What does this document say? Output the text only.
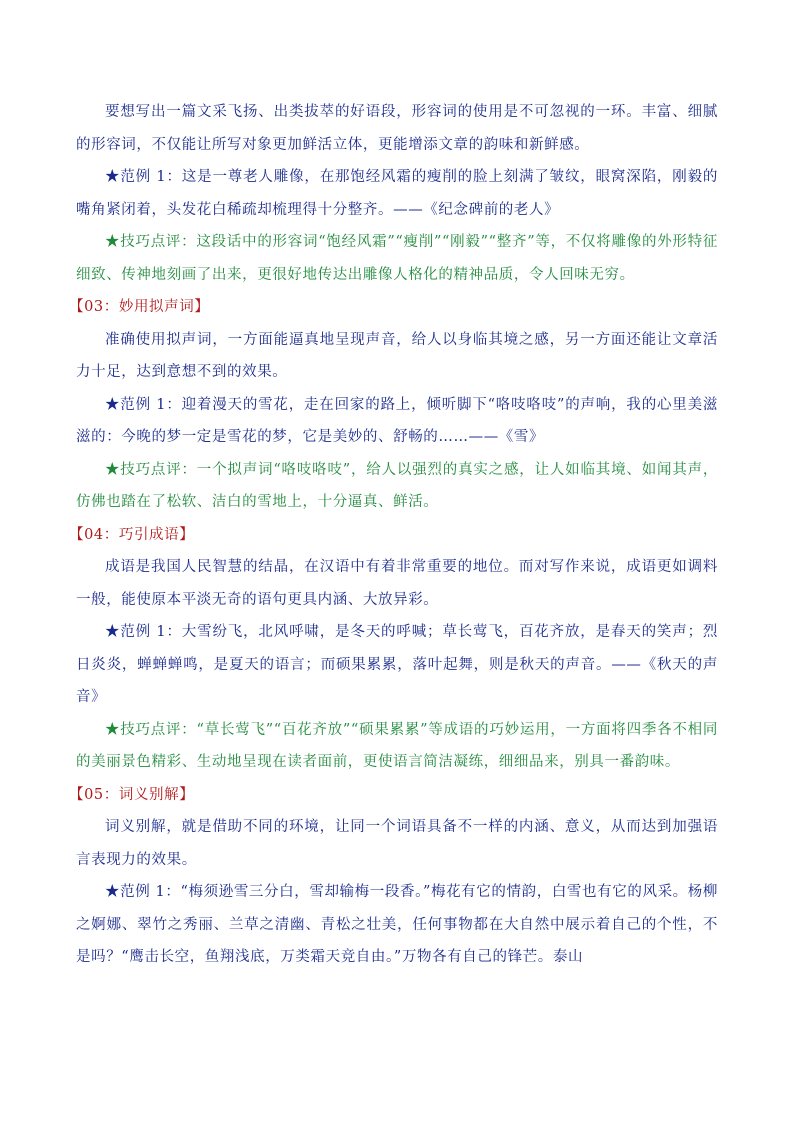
要想写出一篇文采飞扬、出类拔萃的好语段，形容词的使用是不可忽视的一环。丰富、细腻的形容词，不仅能让所写对象更加鲜活立体，更能增添文章的韵味和新鲜感。

★范例 1：这是一尊老人雕像，在那饱经风霜的瘦削的脸上刻满了皱纹，眼窝深陷，刚毅的嘴角紧闭着，头发花白稀疏却梳理得十分整齐。——《纪念碑前的老人》

★技巧点评：这段话中的形容词“饱经风霜”“瘦削”“刚毅”“整齐”等，不仅将雕像的外形特征细致、传神地刻画了出来，更很好地传达出雕像人格化的精神品质，令人回味无穷。

【03：妙用拟声词】

准确使用拟声词，一方面能逼真地呈现声音，给人以身临其境之感，另一方面还能让文章活力十足，达到意想不到的效果。

★范例 1：迎着漫天的雪花，走在回家的路上，倾听脚下“咯吱咯吱”的声响，我的心里美滋滋的：今晚的梦一定是雪花的梦，它是美妙的、舒畅的……——《雪》

★技巧点评：一个拟声词“咯吱咯吱”，给人以强烈的真实之感，让人如临其境、如闻其声，仿佛也踏在了松软、洁白的雪地上，十分逼真、鲜活。

【04：巧引成语】

成语是我国人民智慧的结晶，在汉语中有着非常重要的地位。而对写作来说，成语更如调料一般，能使原本平淡无奇的语句更具内涵、大放异彩。

★范例 1：大雪纷飞，北风呼啸，是冬天的呼喊；草长莺飞，百花齐放，是春天的笑声；烈日炎炎，蝉蝉蝉鸣，是夏天的语言；而硕果累累，落叶起舞，则是秋天的声音。——《秋天的声音》

★技巧点评：“草长莺飞”“百花齐放”“硕果累累”等成语的巧妙运用，一方面将四季各不相同的美丽景色精彩、生动地呈现在读者面前，更使语言简洁凝练，细细品来，别具一番韵味。

【05：词义别解】

词义别解，就是借助不同的环境，让同一个词语具备不一样的内涵、意义，从而达到加强语言表现力的效果。

★范例 1：“梅须逊雪三分白，雪却输梅一段香。”梅花有它的情韵，白雪也有它的风采。杨柳之婀娜、翠竹之秀丽、兰草之清幽、青松之壮美，任何事物都在大自然中展示着自己的个性，不是吗？“鹰击长空，鱼翔浅底，万类霜天竞自由。”万物各有自己的锋芒。泰山
